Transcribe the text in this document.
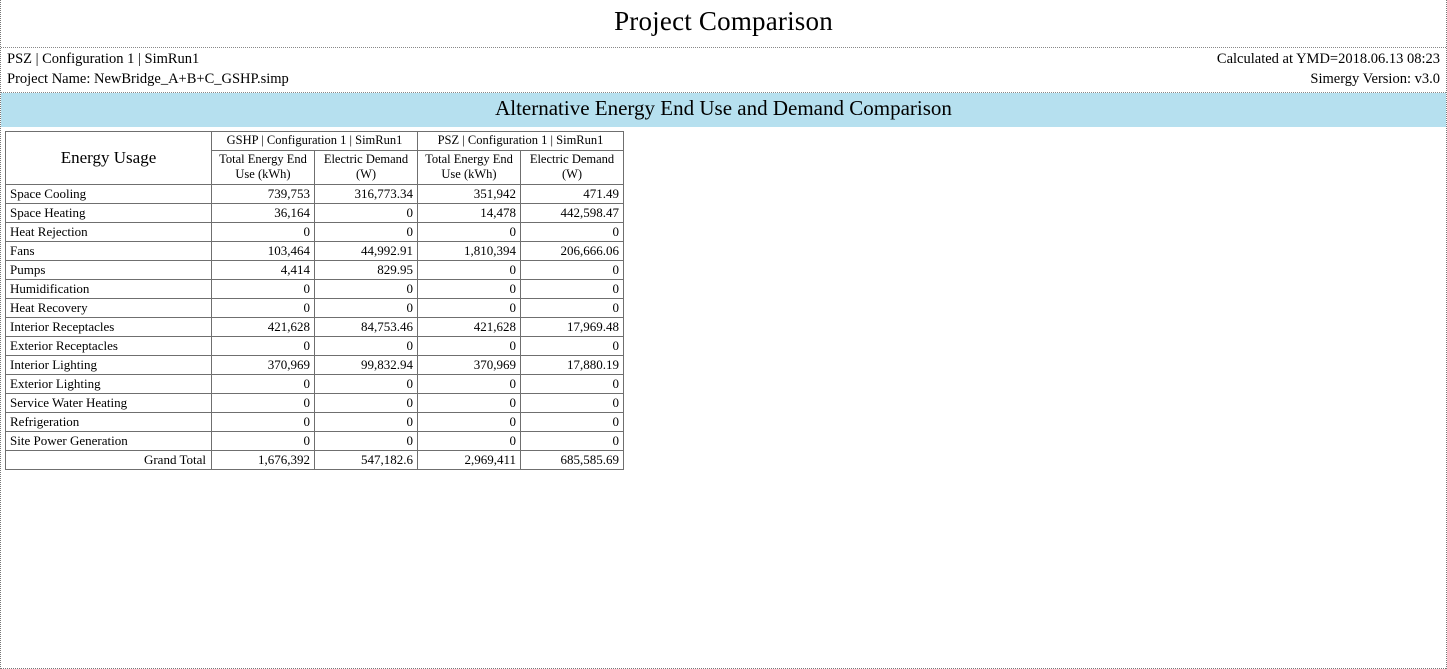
Project Comparison
PSZ | Configuration 1 | SimRun1	Calculated at YMD=2018.06.13 08:23
Project Name: NewBridge_A+B+C_GSHP.simp	Simergy Version: v3.0
Alternative Energy End Use and Demand Comparison
Energy Usage	GSHP | Configuration 1 | SimRun1		PSZ | Configuration 1 | SimRun1	
	Total Energy End Use (kWh)	Electric Demand (W)	Total Energy End Use (kWh)	Electric Demand (W)
Space Cooling	739,753	316,773.34	351,942	471.49
Space Heating	36,164	0	14,478	442,598.47
Heat Rejection	0	0	0	0
Fans	103,464	44,992.91	1,810,394	206,666.06
Pumps	4,414	829.95	0	0
Humidification	0	0	0	0
Heat Recovery	0	0	0	0
Interior Receptacles	421,628	84,753.46	421,628	17,969.48
Exterior Receptacles	0	0	0	0
Interior Lighting	370,969	99,832.94	370,969	17,880.19
Exterior Lighting	0	0	0	0
Service Water Heating	0	0	0	0
Refrigeration	0	0	0	0
Site Power Generation	0	0	0	0
Grand Total	1,676,392	547,182.6	2,969,411	685,585.69
